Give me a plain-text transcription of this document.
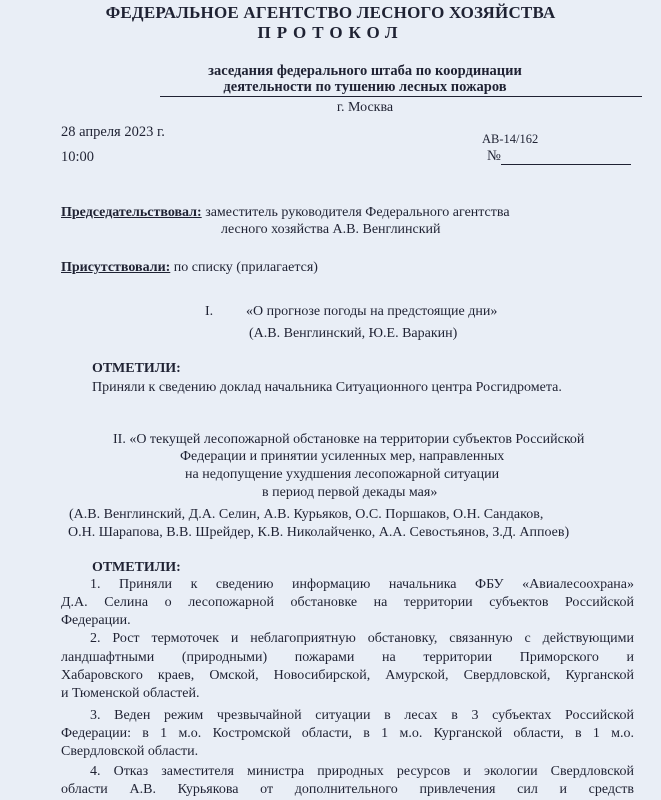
ФЕДЕРАЛЬНОЕ АГЕНТСТВО ЛЕСНОГО ХОЗЯЙСТВА
ПРОТОКОЛ
заседания федерального штаба по координации
деятельности по тушению лесных пожаров
г. Москва
28 апреля 2023 г.	АВ-14/162
10:00	№
Председательствовал: заместитель руководителя Федерального агентства
лесного хозяйства А.В. Венглинский
Присутствовали: по списку (прилагается)
I. «О прогнозе погоды на предстоящие дни»
(А.В. Венглинский, Ю.Е. Варакин)
ОТМЕТИЛИ:
Приняли к сведению доклад начальника Ситуационного центра Росгидромета.
II. «О текущей лесопожарной обстановке на территории субъектов Российской
Федерации и принятии усиленных мер, направленных
на недопущение ухудшения лесопожарной ситуации
в период первой декады мая»
(А.В. Венглинский, Д.А. Селин, А.В. Курьяков, О.С. Поршаков, О.Н. Сандаков,
О.Н. Шарапова, В.В. Шрейдер, К.В. Николайченко, А.А. Севостьянов, З.Д. Аппоев)
ОТМЕТИЛИ:
1. Приняли к сведению информацию начальника ФБУ «Авиалесоохрана»
Д.А. Селина о лесопожарной обстановке на территории субъектов Российской
Федерации.
2. Рост термоточек и неблагоприятную обстановку, связанную с действующими
ландшафтными (природными) пожарами на территории Приморского и
Хабаровского краев, Омской, Новосибирской, Амурской, Свердловской, Курганской
и Тюменской областей.
3. Веден режим чрезвычайной ситуации в лесах в 3 субъектах Российской
Федерации: в 1 м.о. Костромской области, в 1 м.о. Курганской области, в 1 м.о.
Свердловской области.
4. Отказ заместителя министра природных ресурсов и экологии Свердловской
области А.В. Курьякова от дополнительного привлечения сил и средств
